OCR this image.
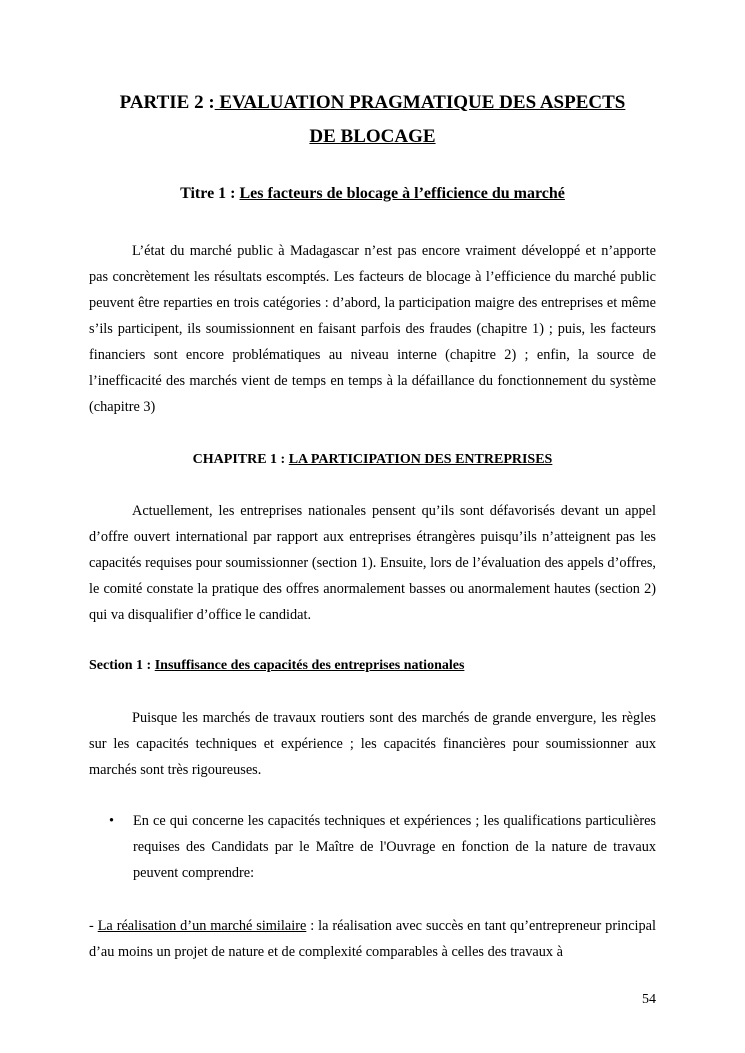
PARTIE 2 : EVALUATION PRAGMATIQUE DES ASPECTS
DE BLOCAGE
Titre 1 : Les facteurs de blocage à l’efficience du marché
L’état du marché public à Madagascar n’est pas encore vraiment développé et n’apporte pas concrètement les résultats escomptés. Les facteurs de blocage à l’efficience du marché public peuvent être reparties en trois catégories : d’abord, la participation maigre des entreprises et même s’ils participent, ils soumissionnent en faisant parfois des fraudes (chapitre 1) ; puis, les facteurs financiers sont encore problématiques au niveau interne (chapitre 2) ; enfin, la source de l’inefficacité des marchés vient de temps en temps à la défaillance du fonctionnement du système (chapitre 3)
CHAPITRE 1 : LA PARTICIPATION DES ENTREPRISES
Actuellement, les entreprises nationales pensent qu’ils sont défavorisés devant un appel d’offre ouvert international par rapport aux entreprises étrangères puisqu’ils n’atteignent pas les capacités requises pour soumissionner (section 1). Ensuite, lors de l’évaluation des appels d’offres, le comité constate la pratique des offres anormalement basses ou anormalement hautes (section 2) qui va disqualifier d’office le candidat.
Section 1 : Insuffisance des capacités des entreprises nationales
Puisque les marchés de travaux routiers sont des marchés de grande envergure, les règles sur les capacités techniques et expérience ; les capacités financières pour soumissionner aux marchés sont très rigoureuses.
• En ce qui concerne les capacités techniques et expériences ; les qualifications particulières requises des Candidats par le Maître de l'Ouvrage en fonction de la nature de travaux peuvent comprendre:
- La réalisation d’un marché similaire : la réalisation avec succès en tant qu’entrepreneur principal d’au moins un projet de nature et de complexité comparables à celles des travaux à
54
